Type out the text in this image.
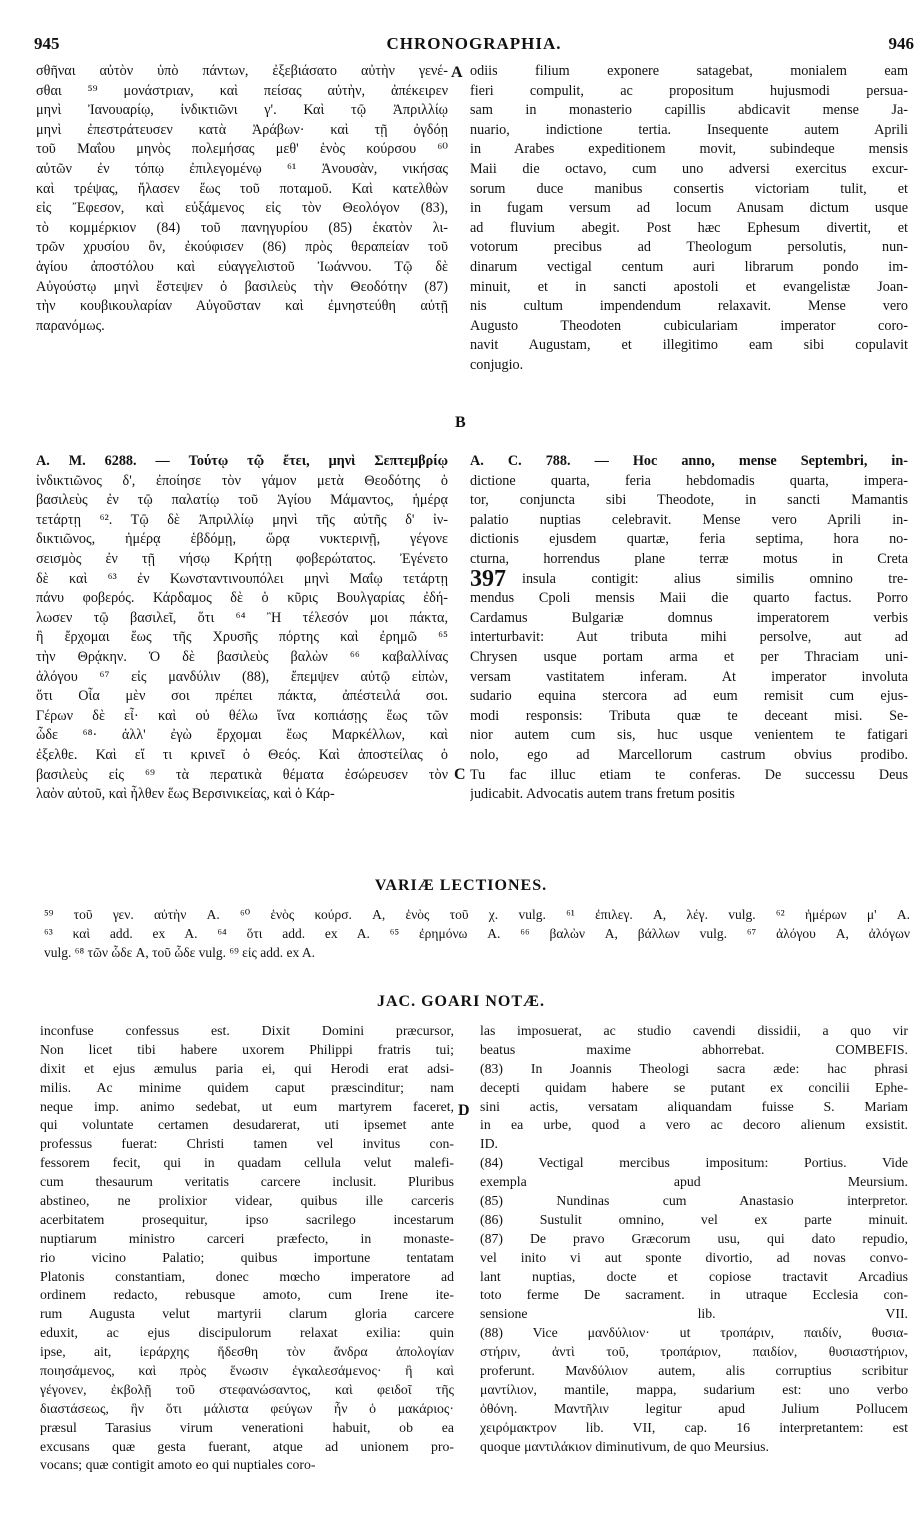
945	CHRONOGRAPHIA.	946
σθῆναι αὐτὸν ὑπὸ πάντων, ἐξεβιάσατο αὐτὴν γενέ-
σθαι ⁵⁹ μονάστριαν, καὶ πείσας αὐτὴν, ἀπέκειρεν
μηνὶ Ἰανουαρίῳ, ἰνδικτιῶνι γ'. Καὶ τῷ Ἀπριλλίῳ
μηνὶ ἐπεστράτευσεν κατὰ Ἀράβων· καὶ τῇ ὀγδόῃ
τοῦ Μαΐου μηνὸς πολεμήσας μεθ' ἑνὸς κούρσου ⁶⁰
αὐτῶν ἐν τόπῳ ἐπιλεγομένῳ ⁶¹ Ἀνουσὰν, νικήσας
καὶ τρέψας, ἤλασεν ἕως τοῦ ποταμοῦ. Καὶ κατελθὼν
εἰς Ἔφεσον, καὶ εὐξάμενος εἰς τὸν Θεολόγον (83),
τὸ κομμέρκιον (84) τοῦ πανηγυρίου (85) ἑκατὸν λι-
τρῶν χρυσίου ὂν, ἐκούφισεν (86) πρὸς θεραπείαν τοῦ
ἁγίου ἀποστόλου καὶ εὐαγγελιστοῦ Ἰωάννου. Τῷ δὲ
Αὐγούστῳ μηνὶ ἔστεψεν ὁ βασιλεὺς τὴν Θεοδότην (87)
τὴν κουβικουλαρίαν Αὐγοῦσταν καὶ ἐμνηστεύθη αὐτῇ
παρανόμως.
odiis filium exponere satagebat, monialem eam
fieri compulit, ac propositum hujusmodi persua-
sam in monasterio capillis abdicavit mense Ja-
nuario, indictione tertia. Insequente autem Aprili
in Arabes expeditionem movit, subindeque mensis
Maii die octavo, cum uno adversi exercitus excur-
sorum duce manibus consertis victoriam tulit, et
in fugam versum ad locum Anusam dictum usque
ad fluvium abegit. Post hæc Ephesum divertit, et
votorum precibus ad Theologum persolutis, nun-
dinarum vectigal centum auri librarum pondo im-
minuit, et in sancti apostoli et evangelistæ Joan-
nis cultum impendendum relaxavit. Mense vero
Augusto Theodoten cubiculariam imperator coro-
navit Augustam, et illegitimo eam sibi copulavit
conjugio.
A
B
C
D
A. M. 6288. — Τούτῳ τῷ ἔτει, μηνὶ Σεπτεμβρίῳ
ἰνδικτιῶνος δ', ἐποίησε τὸν γάμον μετὰ Θεοδότης ὁ
βασιλεὺς ἐν τῷ παλατίῳ τοῦ Ἁγίου Μάμαντος, ἡμέρᾳ
τετάρτῃ ⁶². Τῷ δὲ Ἀπριλλίῳ μηνὶ τῆς αὐτῆς δ' ἰν-
δικτιῶνος, ἡμέρᾳ ἑβδόμῃ, ὥρᾳ νυκτερινῇ, γέγονε
σεισμὸς ἐν τῇ νήσῳ Κρήτῃ φοβερώτατος. Ἐγένετο
δὲ καὶ ⁶³ ἐν Κωνσταντινουπόλει μηνὶ Μαΐῳ τετάρτῃ
πάνυ φοβερός. Κάρδαμος δὲ ὁ κῦρις Βουλγαρίας ἐδή-
λωσεν τῷ βασιλεῖ, ὅτι ⁶⁴ Ἢ τέλεσόν μοι πάκτα,
ἢ ἔρχομαι ἕως τῆς Χρυσῆς πόρτης καὶ ἐρημῶ ⁶⁵
τὴν Θρᾴκην. Ὁ δὲ βασιλεὺς βαλὼν ⁶⁶ καβαλλίνας
ἀλόγου ⁶⁷ εἰς μανδύλιν (88), ἔπεμψεν αὐτῷ εἰπὼν,
ὅτι Οἷα μὲν σοι πρέπει πάκτα, ἀπέστειλά σοι.
Γέρων δὲ εἶ· καὶ οὐ θέλω ἵνα κοπιάσῃς ἕως τῶν
ὧδε ⁶⁸· ἀλλ' ἐγὼ ἔρχομαι ἕως Μαρκέλλων, καὶ
ἐξελθε. Καὶ εἴ τι κρινεῖ ὁ Θεός. Καὶ ἀποστείλας ὁ
βασιλεὺς εἰς ⁶⁹ τὰ περατικὰ θέματα ἐσώρευσεν τὸν
λαὸν αὐτοῦ, καὶ ἦλθεν ἕως Βερσινικείας, καὶ ὁ Κάρ-
A. C. 788. — Hoc anno, mense Septembri, in-
dictione quarta, feria hebdomadis quarta, impera-
tor, conjuncta sibi Theodote, in sancti Mamantis
palatio nuptias celebravit. Mense vero Aprili in-
dictionis ejusdem quartæ, feria septima, hora no-
cturna, horrendus plane terræ motus in Creta
insula contigit: alius similis omnino tre-
mendus Cpoli mensis Maii die quarto factus. Porro
Cardamus Bulgariæ domnus imperatorem verbis
interturbavit: Aut tributa mihi persolve, aut ad
Chrysen usque portam arma et per Thraciam uni-
versam vastitatem inferam. At imperator involuta
sudario equina stercora ad eum remisit cum ejus-
modi responsis: Tributa quæ te deceant misi. Se-
nior autem cum sis, huc usque venientem te fatigari
nolo, ego ad Marcellorum castrum obvius prodibo.
Tu fac illuc etiam te conferas. De successu Deus
judicabit. Advocatis autem trans fretum positis
397
VARIÆ LECTIONES.
⁵⁹ τοῦ γεν. αὐτὴν A. ⁶⁰ ἑνὸς κούρσ. A, ἑνὸς τοῦ χ. vulg. ⁶¹ ἐπιλεγ. A, λέγ. vulg. ⁶² ἡμέρων μ' A.
⁶³ καὶ add. ex A. ⁶⁴ ὅτι add. ex A. ⁶⁵ ἐρημόνω A. ⁶⁶ βαλὼν A, βάλλων vulg. ⁶⁷ ἀλόγου A, ἀλόγων
vulg. ⁶⁸ τῶν ὧδε A, τοῦ ὧδε vulg. ⁶⁹ εἰς add. ex A.
JAC. GOARI NOTÆ.
inconfuse confessus est. Dixit Domini præcursor,
Non licet tibi habere uxorem Philippi fratris tui;
dixit et ejus æmulus paria ei, qui Herodi erat adsi-
milis. Ac minime quidem caput præscinditur; nam
neque imp. animo sedebat, ut eum martyrem faceret,
qui voluntate certamen desudarerat, uti ipsemet ante
professus fuerat: Christi tamen vel invitus con-
fessorem fecit, qui in quadam cellula velut malefi-
cum thesaurum veritatis carcere inclusit. Pluribus
abstineo, ne prolixior videar, quibus ille carceris
acerbitatem prosequitur, ipso sacrilego incestarum
nuptiarum ministro carceri præfecto, in monaste-
rio vicino Palatio; quibus importune tentatam
Platonis constantiam, donec mœcho imperatore ad
ordinem redacto, rebusque amoto, cum Irene ite-
rum Augusta velut martyrii clarum gloria carcere
eduxit, ac ejus discipulorum relaxat exilia: quin
ipse, ait, ἱεράρχης ἥδεσθη τὸν ἄνδρα ἀπολογίαν
ποιησάμενος, καὶ πρὸς ἕνωσιν ἐγκαλεσάμενος· ἢ καὶ
γέγονεν, ἐκβολῇ τοῦ στεφανώσαντος, καὶ φειδοῖ τῆς
διαστάσεως, ἣν ὅτι μάλιστα φεύγων ἦν ὁ μακάριος·
præsul Tarasius virum venerationi habuit, ob ea
excusans quæ gesta fuerant, atque ad unionem pro-
vocans; quæ contigit amoto eo qui nuptiales coro-
las imposuerat, ac studio cavendi dissidii, a quo vir
beatus maxime abhorrebat. COMBEFIS.
(83) In Joannis Theologi sacra æde: hac phrasi
decepti quidam habere se putant ex concilii Ephe-
sini actis, versatam aliquandam fuisse S. Mariam
in ea urbe, quod a vero ac decoro alienum exsistit.
ID.
(84) Vectigal mercibus impositum: Portius. Vide
exempla apud Meursium.
(85) Nundinas cum Anastasio interpretor.
(86) Sustulit omnino, vel ex parte minuit.
(87) De pravo Græcorum usu, qui dato repudio,
vel inito vi aut sponte divortio, ad novas convo-
lant nuptias, docte et copiose tractavit Arcadius
toto ferme De sacrament. in utraque Ecclesia con-
sensione lib. VII.
(88) Vice μανδύλιον· ut τροπάριν, παιδίν, θυσια-
στήριν, ἀντὶ τοῦ, τροπάριον, παιδίον, θυσιαστήριον,
proferunt. Μανδύλιον autem, alis corruptius scribitur
μαντίλιον, mantile, mappa, sudarium est: uno verbo
ὀθόνη. Μαντῆλιν legitur apud Julium Pollucem
χειρόμακτρον lib. VII, cap. 16 interpretantem: est
quoque μαντιλάκιον diminutivum, de quo Meursius.
